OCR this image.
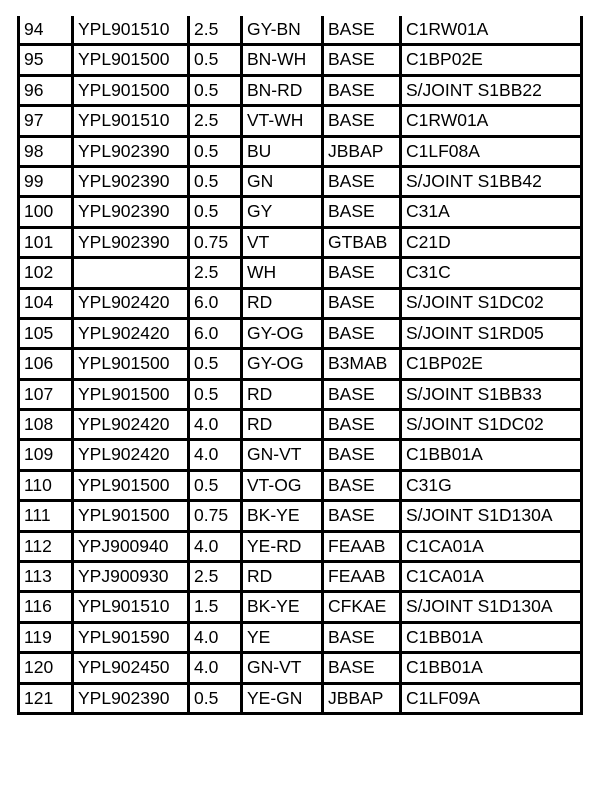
94	YPL901510	2.5	GY-BN	BASE	C1RW01A
95	YPL901500	0.5	BN-WH	BASE	C1BP02E
96	YPL901500	0.5	BN-RD	BASE	S/JOINT S1BB22
97	YPL901510	2.5	VT-WH	BASE	C1RW01A
98	YPL902390	0.5	BU	JBBAP	C1LF08A
99	YPL902390	0.5	GN	BASE	S/JOINT S1BB42
100	YPL902390	0.5	GY	BASE	C31A
101	YPL902390	0.75	VT	GTBAB	C21D
102		2.5	WH	BASE	C31C
104	YPL902420	6.0	RD	BASE	S/JOINT S1DC02
105	YPL902420	6.0	GY-OG	BASE	S/JOINT S1RD05
106	YPL901500	0.5	GY-OG	B3MAB	C1BP02E
107	YPL901500	0.5	RD	BASE	S/JOINT S1BB33
108	YPL902420	4.0	RD	BASE	S/JOINT S1DC02
109	YPL902420	4.0	GN-VT	BASE	C1BB01A
110	YPL901500	0.5	VT-OG	BASE	C31G
111	YPL901500	0.75	BK-YE	BASE	S/JOINT S1D130A
112	YPJ900940	4.0	YE-RD	FEAAB	C1CA01A
113	YPJ900930	2.5	RD	FEAAB	C1CA01A
116	YPL901510	1.5	BK-YE	CFKAE	S/JOINT S1D130A
119	YPL901590	4.0	YE	BASE	C1BB01A
120	YPL902450	4.0	GN-VT	BASE	C1BB01A
121	YPL902390	0.5	YE-GN	JBBAP	C1LF09A
